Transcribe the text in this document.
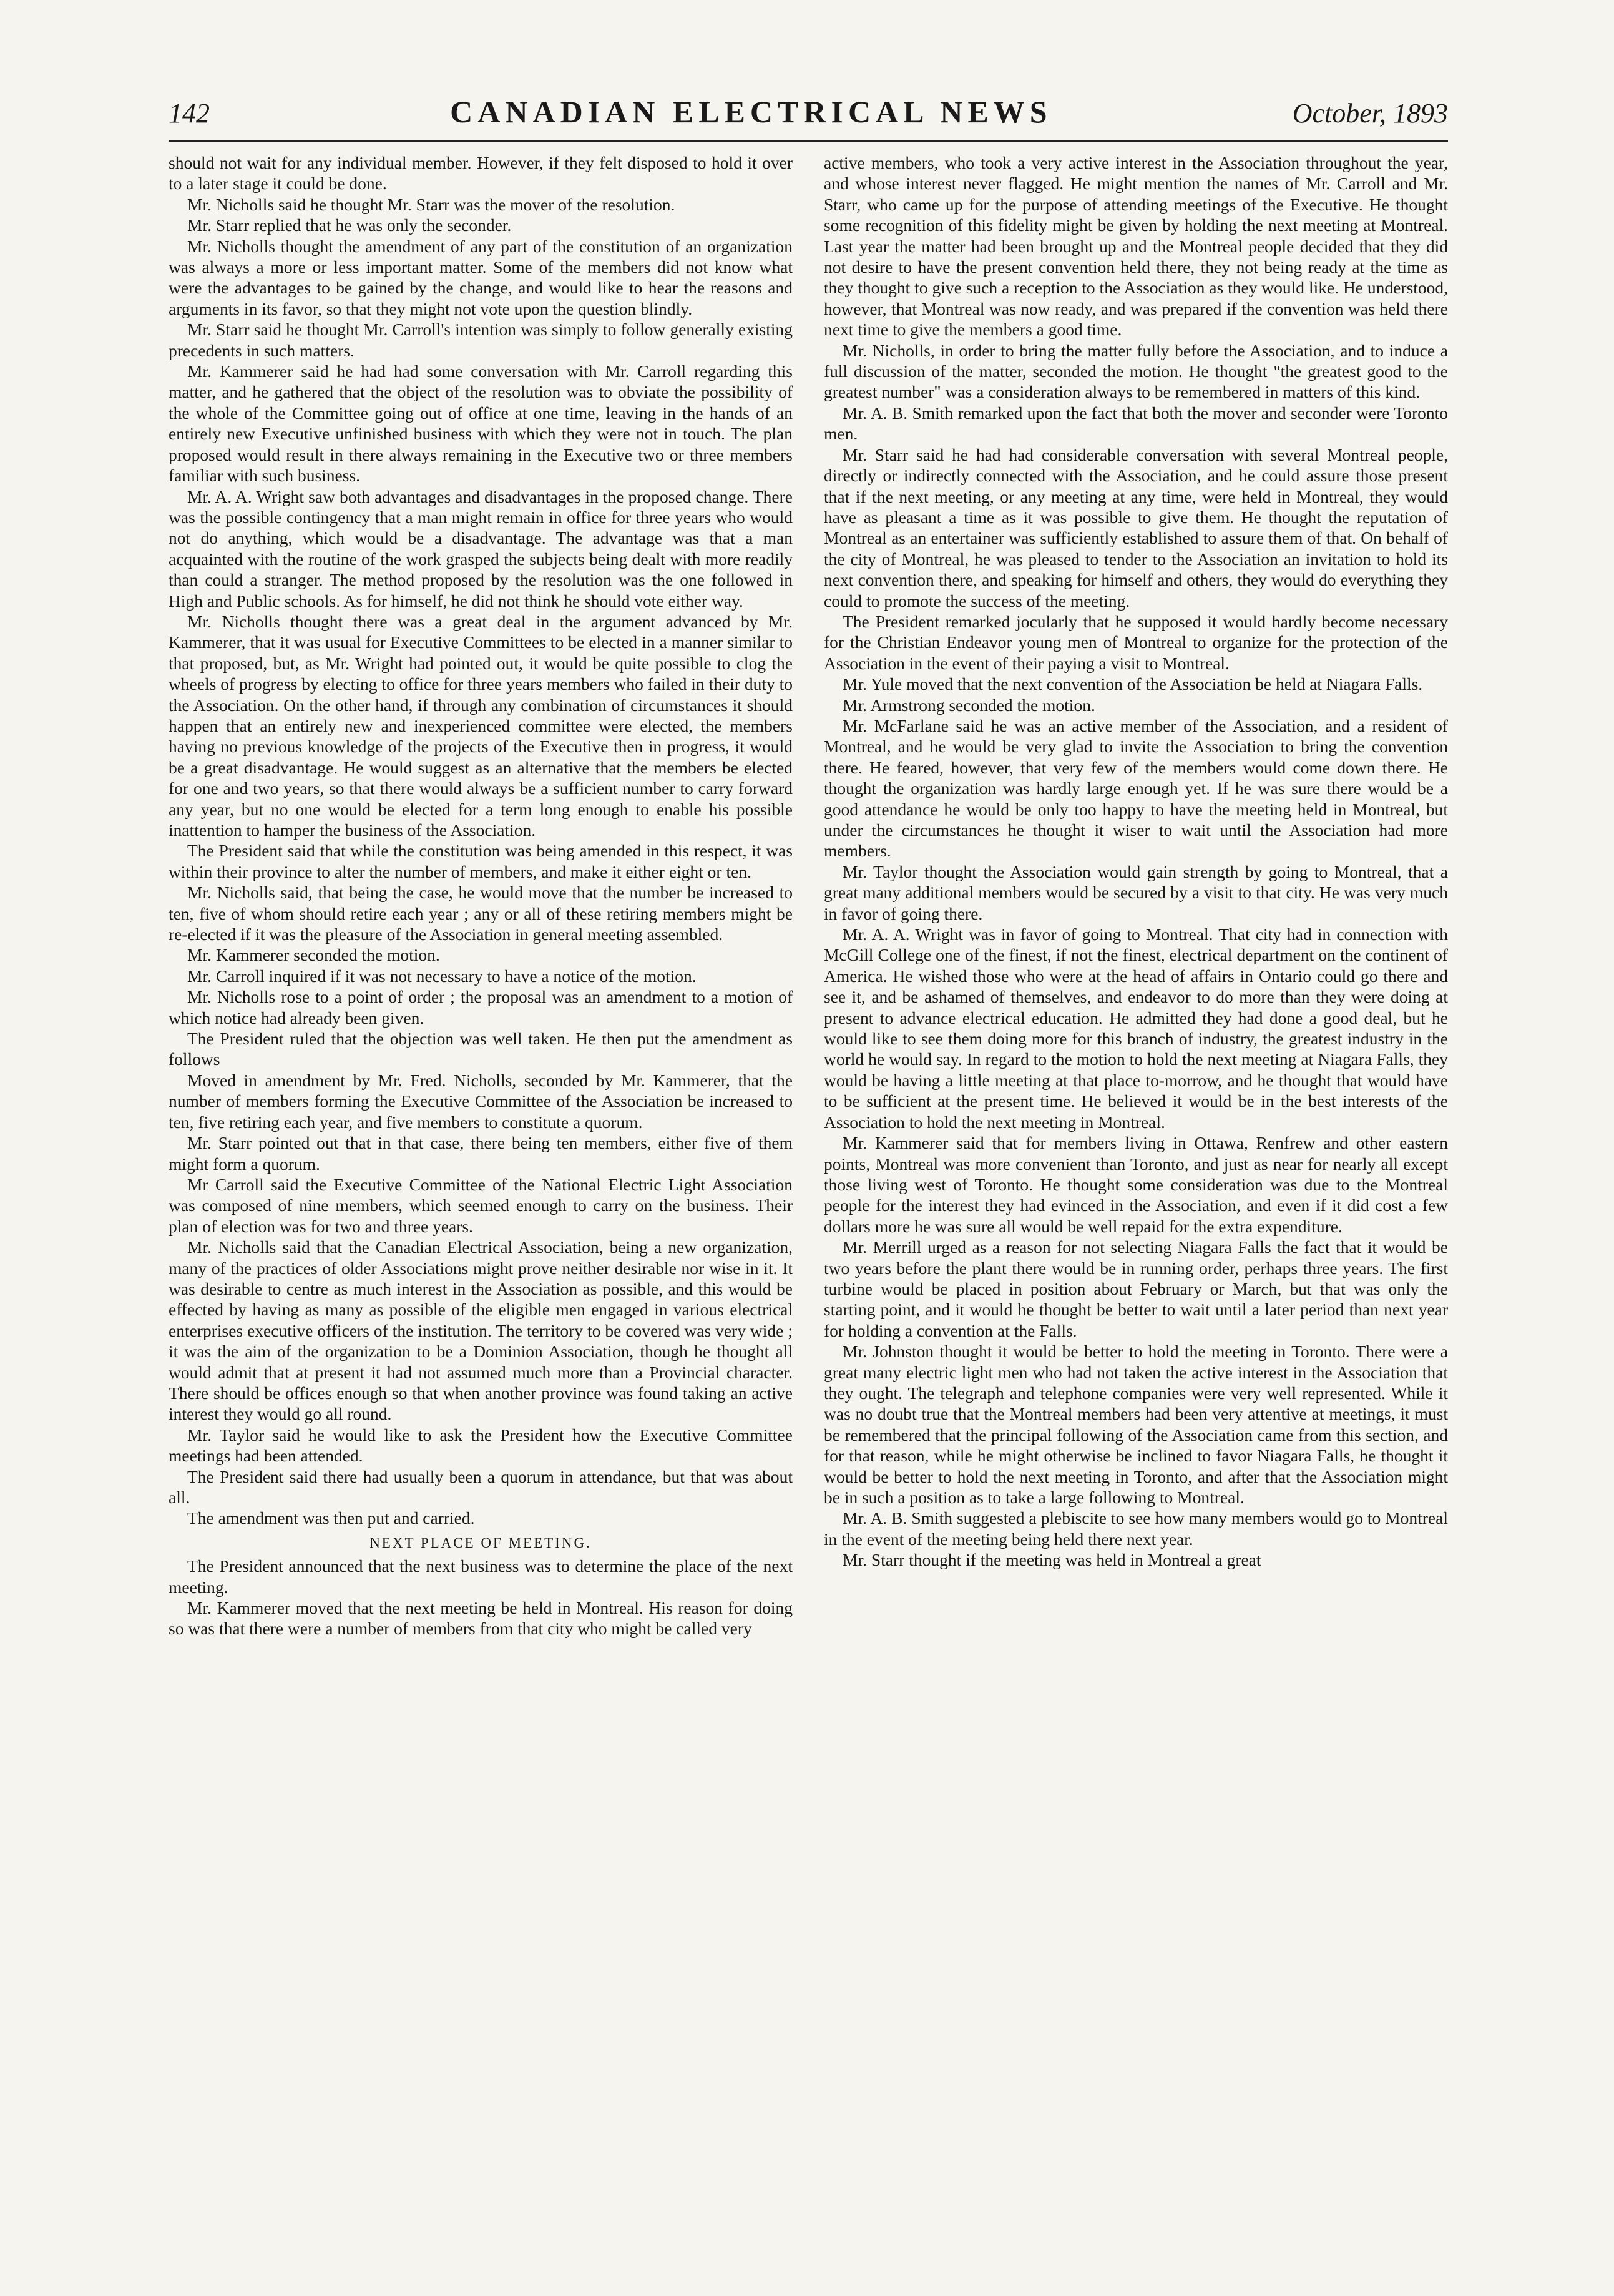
142	CANADIAN ELECTRICAL NEWS	October, 1893

should not wait for any individual member. However, if they felt disposed to hold it over to a later stage it could be done.

Mr. Nicholls said he thought Mr. Starr was the mover of the resolution.

Mr. Starr replied that he was only the seconder.

Mr. Nicholls thought the amendment of any part of the constitution of an organization was always a more or less important matter. Some of the members did not know what were the advantages to be gained by the change, and would like to hear the reasons and arguments in its favor, so that they might not vote upon the question blindly.

Mr. Starr said he thought Mr. Carroll's intention was simply to follow generally existing precedents in such matters.

Mr. Kammerer said he had had some conversation with Mr. Carroll regarding this matter, and he gathered that the object of the resolution was to obviate the possibility of the whole of the Committee going out of office at one time, leaving in the hands of an entirely new Executive unfinished business with which they were not in touch. The plan proposed would result in there always remaining in the Executive two or three members familiar with such business.

Mr. A. A. Wright saw both advantages and disadvantages in the proposed change. There was the possible contingency that a man might remain in office for three years who would not do anything, which would be a disadvantage. The advantage was that a man acquainted with the routine of the work grasped the subjects being dealt with more readily than could a stranger. The method proposed by the resolution was the one followed in High and Public schools. As for himself, he did not think he should vote either way.

Mr. Nicholls thought there was a great deal in the argument advanced by Mr. Kammerer, that it was usual for Executive Committees to be elected in a manner similar to that proposed, but, as Mr. Wright had pointed out, it would be quite possible to clog the wheels of progress by electing to office for three years members who failed in their duty to the Association. On the other hand, if through any combination of circumstances it should happen that an entirely new and inexperienced committee were elected, the members having no previous knowledge of the projects of the Executive then in progress, it would be a great disadvantage. He would suggest as an alternative that the members be elected for one and two years, so that there would always be a sufficient number to carry forward any year, but no one would be elected for a term long enough to enable his possible inattention to hamper the business of the Association.

The President said that while the constitution was being amended in this respect, it was within their province to alter the number of members, and make it either eight or ten.

Mr. Nicholls said, that being the case, he would move that the number be increased to ten, five of whom should retire each year ; any or all of these retiring members might be re-elected if it was the pleasure of the Association in general meeting assembled.

Mr. Kammerer seconded the motion.

Mr. Carroll inquired if it was not necessary to have a notice of the motion.

Mr. Nicholls rose to a point of order ; the proposal was an amendment to a motion of which notice had already been given.

The President ruled that the objection was well taken. He then put the amendment as follows

Moved in amendment by Mr. Fred. Nicholls, seconded by Mr. Kammerer, that the number of members forming the Executive Committee of the Association be increased to ten, five retiring each year, and five members to constitute a quorum.

Mr. Starr pointed out that in that case, there being ten members, either five of them might form a quorum.

Mr Carroll said the Executive Committee of the National Electric Light Association was composed of nine members, which seemed enough to carry on the business. Their plan of election was for two and three years.

Mr. Nicholls said that the Canadian Electrical Association, being a new organization, many of the practices of older Associations might prove neither desirable nor wise in it. It was desirable to centre as much interest in the Association as possible, and this would be effected by having as many as possible of the eligible men engaged in various electrical enterprises executive officers of the institution. The territory to be covered was very wide ; it was the aim of the organization to be a Dominion Association, though he thought all would admit that at present it had not assumed much more than a Provincial character. There should be offices enough so that when another province was found taking an active interest they would go all round.

Mr. Taylor said he would like to ask the President how the Executive Committee meetings had been attended.

The President said there had usually been a quorum in attendance, but that was about all.

The amendment was then put and carried.

NEXT PLACE OF MEETING.

The President announced that the next business was to determine the place of the next meeting.

Mr. Kammerer moved that the next meeting be held in Montreal. His reason for doing so was that there were a number of members from that city who might be called very

active members, who took a very active interest in the Association throughout the year, and whose interest never flagged. He might mention the names of Mr. Carroll and Mr. Starr, who came up for the purpose of attending meetings of the Executive. He thought some recognition of this fidelity might be given by holding the next meeting at Montreal. Last year the matter had been brought up and the Montreal people decided that they did not desire to have the present convention held there, they not being ready at the time as they thought to give such a reception to the Association as they would like. He understood, however, that Montreal was now ready, and was prepared if the convention was held there next time to give the members a good time.

Mr. Nicholls, in order to bring the matter fully before the Association, and to induce a full discussion of the matter, seconded the motion. He thought "the greatest good to the greatest number" was a consideration always to be remembered in matters of this kind.

Mr. A. B. Smith remarked upon the fact that both the mover and seconder were Toronto men.

Mr. Starr said he had had considerable conversation with several Montreal people, directly or indirectly connected with the Association, and he could assure those present that if the next meeting, or any meeting at any time, were held in Montreal, they would have as pleasant a time as it was possible to give them. He thought the reputation of Montreal as an entertainer was sufficiently established to assure them of that. On behalf of the city of Montreal, he was pleased to tender to the Association an invitation to hold its next convention there, and speaking for himself and others, they would do everything they could to promote the success of the meeting.

The President remarked jocularly that he supposed it would hardly become necessary for the Christian Endeavor young men of Montreal to organize for the protection of the Association in the event of their paying a visit to Montreal.

Mr. Yule moved that the next convention of the Association be held at Niagara Falls.

Mr. Armstrong seconded the motion.

Mr. McFarlane said he was an active member of the Association, and a resident of Montreal, and he would be very glad to invite the Association to bring the convention there. He feared, however, that very few of the members would come down there. He thought the organization was hardly large enough yet. If he was sure there would be a good attendance he would be only too happy to have the meeting held in Montreal, but under the circumstances he thought it wiser to wait until the Association had more members.

Mr. Taylor thought the Association would gain strength by going to Montreal, that a great many additional members would be secured by a visit to that city. He was very much in favor of going there.

Mr. A. A. Wright was in favor of going to Montreal. That city had in connection with McGill College one of the finest, if not the finest, electrical department on the continent of America. He wished those who were at the head of affairs in Ontario could go there and see it, and be ashamed of themselves, and endeavor to do more than they were doing at present to advance electrical education. He admitted they had done a good deal, but he would like to see them doing more for this branch of industry, the greatest industry in the world he would say. In regard to the motion to hold the next meeting at Niagara Falls, they would be having a little meeting at that place to-morrow, and he thought that would have to be sufficient at the present time. He believed it would be in the best interests of the Association to hold the next meeting in Montreal.

Mr. Kammerer said that for members living in Ottawa, Renfrew and other eastern points, Montreal was more convenient than Toronto, and just as near for nearly all except those living west of Toronto. He thought some consideration was due to the Montreal people for the interest they had evinced in the Association, and even if it did cost a few dollars more he was sure all would be well repaid for the extra expenditure.

Mr. Merrill urged as a reason for not selecting Niagara Falls the fact that it would be two years before the plant there would be in running order, perhaps three years. The first turbine would be placed in position about February or March, but that was only the starting point, and it would he thought be better to wait until a later period than next year for holding a convention at the Falls.

Mr. Johnston thought it would be better to hold the meeting in Toronto. There were a great many electric light men who had not taken the active interest in the Association that they ought. The telegraph and telephone companies were very well represented. While it was no doubt true that the Montreal members had been very attentive at meetings, it must be remembered that the principal following of the Association came from this section, and for that reason, while he might otherwise be inclined to favor Niagara Falls, he thought it would be better to hold the next meeting in Toronto, and after that the Association might be in such a position as to take a large following to Montreal.

Mr. A. B. Smith suggested a plebiscite to see how many members would go to Montreal in the event of the meeting being held there next year.

Mr. Starr thought if the meeting was held in Montreal a great
